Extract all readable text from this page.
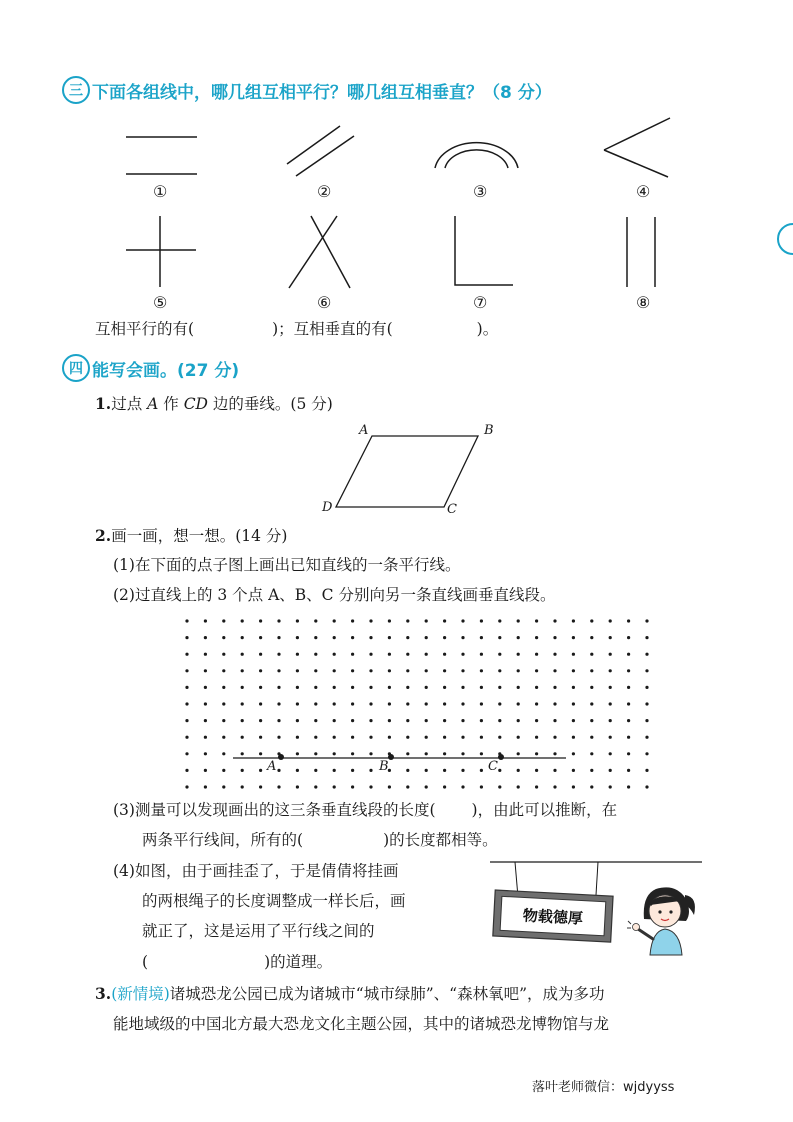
三 下面各组线中，哪几组互相平行？哪几组互相垂直？（8 分）
①	②	③	④
⑤	⑥	⑦	⑧
互相平行的有(	)；互相垂直的有(	)。
四 能写会画。(27 分)
1.过点 A 作 CD 边的垂线。(5 分)
A	B
C
D
2.画一画，想一想。(14 分)
(1)在下面的点子图上画出已知直线的一条平行线。
(2)过直线上的 3 个点 A、B、C 分别向另一条直线画垂直线段。
A	B	C
(3)测量可以发现画出的这三条垂直线段的长度( )，由此可以推断，在
两条平行线间，所有的(	)的长度都相等。
(4)如图，由于画挂歪了，于是倩倩将挂画
的两根绳子的长度调整成一样长后，画
就正了，这是运用了平行线之间的
(	)的道理。
物载德厚
3.(新情境)诸城恐龙公园已成为诸城市“城市绿肺”、“森林氧吧”，成为多功
能地域级的中国北方最大恐龙文化主题公园，其中的诸城恐龙博物馆与龙
落叶老师微信：wjdyyss
